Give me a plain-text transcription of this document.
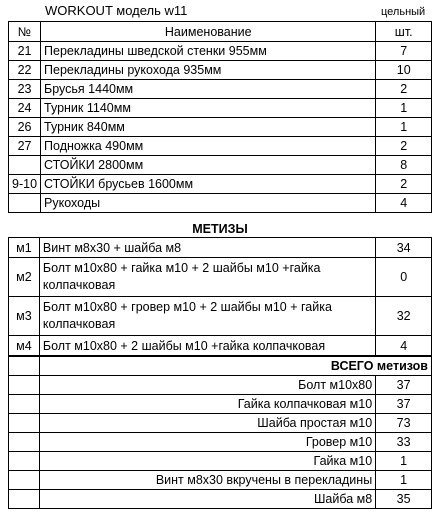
WORKOUT модель w11	цельный
№	Наименование	шт.
21	Перекладины шведской стенки 955мм	7
22	Перекладины рукохода 935мм	10
23	Брусья 1440мм	2
24	Турник 1140мм	1
26	Турник 840мм	1
27	Подножка 490мм	2
	СТОЙКИ 2800мм	8
9-10	СТОЙКИ брусьев 1600мм	2
	Рукоходы	4
МЕТИЗЫ
м1	Винт м8х30 + шайба м8	34
м2	Болт м10х80 + гайка м10 + 2 шайбы м10 +гайка колпачковая	0
м3	Болт м10х80 + гровер м10 + 2 шайбы м10 + гайка колпачковая	32
м4	Болт м10х80 + 2 шайбы м10 +гайка колпачковая	4
	ВСЕГО метизов	
	Болт м10х80	37
	Гайка колпачковая м10	37
	Шайба простая м10	73
	Гровер м10	33
	Гайка м10	1
	Винт м8х30 вкручены в перекладины	1
	Шайба м8	35
